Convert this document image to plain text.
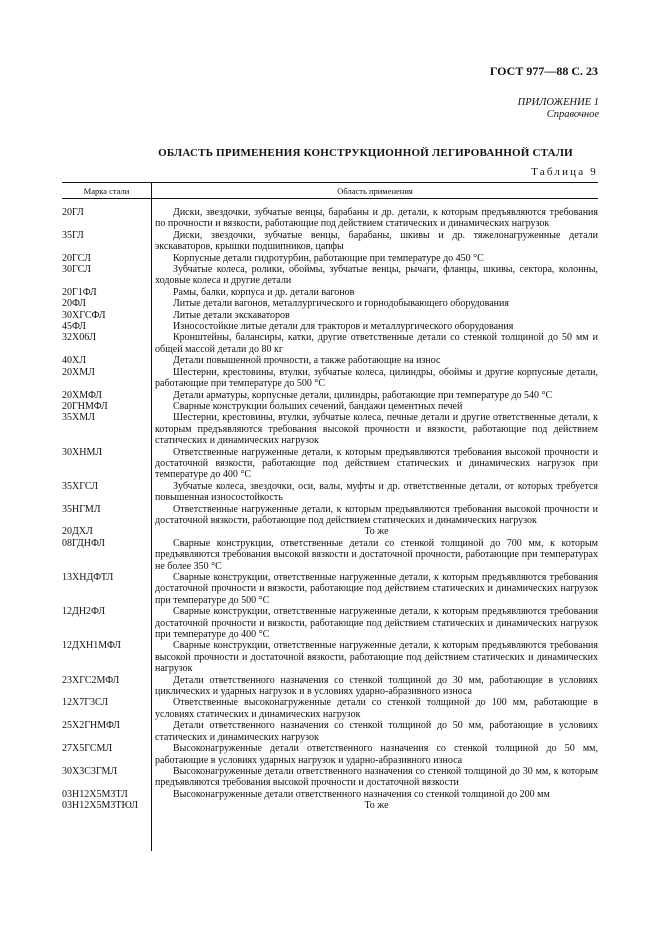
ГОСТ 977—88 С. 23
ПРИЛОЖЕНИЕ 1
Справочное
ОБЛАСТЬ ПРИМЕНЕНИЯ КОНСТРУКЦИОННОЙ ЛЕГИРОВАННОЙ СТАЛИ
Таблица 9
Марка стали	Область применения
20ГЛ	Диски, звездочки, зубчатые венцы, барабаны и др. детали, к которым предъявляются требования по прочности и вязкости, работающие под действием статических и динамических нагрузок
35ГЛ	Диски, звездочки, зубчатые венцы, барабаны, шкивы и др. тяжелонагруженные детали экскаваторов, крышки подшипников, цапфы
20ГСЛ	Корпусные детали гидротурбин, работающие при температуре до 450 °C
30ГСЛ	Зубчатые колеса, ролики, обоймы, зубчатые венцы, рычаги, фланцы, шкивы, сектора, колонны, ходовые колеса и другие детали
20Г1ФЛ	Рамы, балки, корпуса и др. детали вагонов
20ФЛ	Литые детали вагонов, металлургического и горнодобывающего оборудования
30ХГСФЛ	Литые детали экскаваторов
45ФЛ	Износостойкие литые детали для тракторов и металлургического оборудования
32Х06Л	Кронштейны, балансиры, катки, другие ответственные детали со стенкой толщиной до 50 мм и общей массой детали до 80 кг
40ХЛ	Детали повышенной прочности, а также работающие на износ
20ХМЛ	Шестерни, крестовины, втулки, зубчатые колеса, цилиндры, обоймы и другие корпусные детали, работающие при температуре до 500 °C
20ХМФЛ	Детали арматуры, корпусные детали, цилиндры, работающие при температуре до 540 °C
20ГНМФЛ	Сварные конструкции больших сечений, бандажи цементных печей
35ХМЛ	Шестерни, крестовины, втулки, зубчатые колеса, печные детали и другие ответственные детали, к которым предъявляются требования высокой прочности и вязкости, работающие под действием статических и динамических нагрузок
30ХНМЛ	Ответственные нагруженные детали, к которым предъявляются требования высокой прочности и достаточной вязкости, работающие под действием статических и динамических нагрузок при температуре до 400 °C
35ХГСЛ	Зубчатые колеса, звездочки, оси, валы, муфты и др. ответственные детали, от которых требуется повышенная износостойкость
35НГМЛ	Ответственные нагруженные детали, к которым предъявляются требования высокой прочности и достаточной вязкости, работающие под действием статических и динамических нагрузок
20ДХЛ	То же
08ГДНФЛ	Сварные конструкции, ответственные детали со стенкой толщиной до 700 мм, к которым предъявляются требования высокой вязкости и достаточной прочности, работающие при температурах не более 350 °C
13ХНДФТЛ	Сварные конструкции, ответственные нагруженные детали, к которым предъявляются требования достаточной прочности и вязкости, работающие под действием статических и динамических нагрузок при температуре до 500 °C
12ДН2ФЛ	Сварные конструкции, ответственные нагруженные детали, к которым предъявляются требования достаточной прочности и вязкости, работающие под действием статических и динамических нагрузок при температуре до 400 °C
12ДХН1МФЛ	Сварные конструкции, ответственные нагруженные детали, к которым предъявляются требования высокой прочности и достаточной вязкости, работающие под действием статических и динамических нагрузок
23ХГС2МФЛ	Детали ответственного назначения со стенкой толщиной до 30 мм, работающие в условиях циклических и ударных нагрузок и в условиях ударно-абразивного износа
12Х7Г3СЛ	Ответственные высоконагруженные детали со стенкой толщиной до 100 мм, работающие в условиях статических и динамических нагрузок
25Х2ГНМФЛ	Детали ответственного назначения со стенкой толщиной до 50 мм, работающие в условиях статических и динамических нагрузок
27Х5ГСМЛ	Высоконагруженные детали ответственного назначения со стенкой толщиной до 50 мм, работающие в условиях ударных нагрузок и ударно-абразивного износа
30Х3С3ГМЛ	Высоконагруженные детали ответственного назначения со стенкой толщиной до 30 мм, к которым предъявляются требования высокой прочности и достаточной вязкости
03Н12Х5М3ТЛ	Высоконагруженные детали ответственного назначения со стенкой толщиной до 200 мм
03Н12Х5М3ТЮЛ	То же
